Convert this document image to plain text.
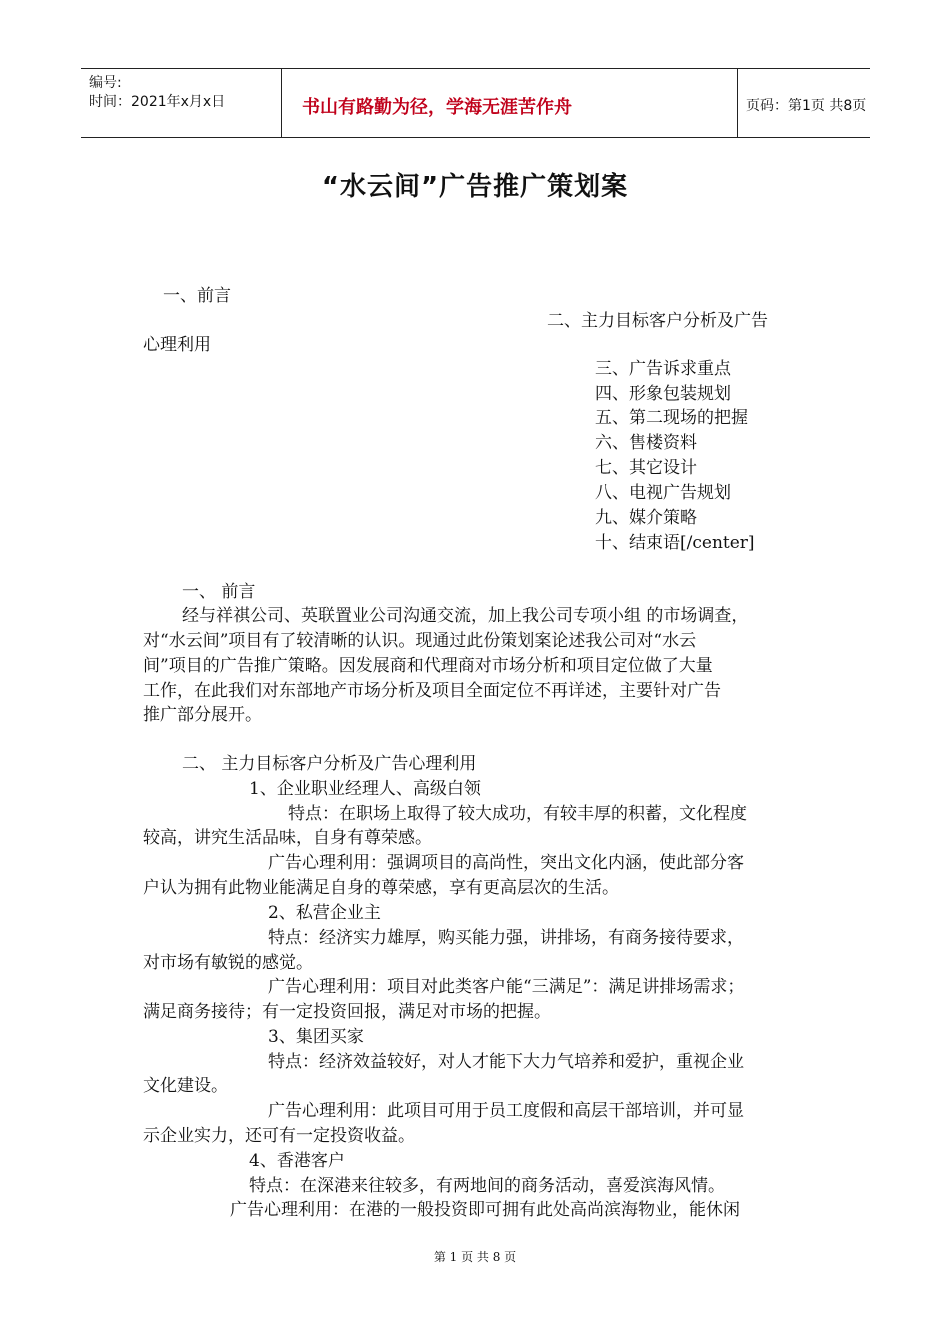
编号:
时间：2021年x月x日	书山有路勤为径，学海无涯苦作舟	页码：第1页 共8页
“水云间”广告推广策划案
一、前言
二、主力目标客户分析及广告
心理利用
三、广告诉求重点
四、形象包装规划
五、第二现场的把握
六、售楼资料
七、其它设计
八、电视广告规划
九、媒介策略
十、结束语[/center]
一、 前言
经与祥祺公司、英联置业公司沟通交流，加上我公司专项小组 的市场调查，
对“水云间”项目有了较清晰的认识。现通过此份策划案论述我公司对“水云
间”项目的广告推广策略。因发展商和代理商对市场分析和项目定位做了大量
工作，在此我们对东部地产市场分析及项目全面定位不再详述，主要针对广告
推广部分展开。
二、 主力目标客户分析及广告心理利用
1、企业职业经理人、高级白领
特点：在职场上取得了较大成功，有较丰厚的积蓄，文化程度
较高，讲究生活品味，自身有尊荣感。
广告心理利用：强调项目的高尚性，突出文化内涵，使此部分客
户认为拥有此物业能满足自身的尊荣感，享有更高层次的生活。
2、私营企业主
特点：经济实力雄厚，购买能力强，讲排场，有商务接待要求，
对市场有敏锐的感觉。
广告心理利用：项目对此类客户能“三满足”：满足讲排场需求；
满足商务接待；有一定投资回报，满足对市场的把握。
3、集团买家
特点：经济效益较好，对人才能下大力气培养和爱护，重视企业
文化建设。
广告心理利用：此项目可用于员工度假和高层干部培训，并可显
示企业实力，还可有一定投资收益。
4、香港客户
特点：在深港来往较多，有两地间的商务活动，喜爱滨海风情。
广告心理利用：在港的一般投资即可拥有此处高尚滨海物业，能休闲
第 1 页 共 8 页
